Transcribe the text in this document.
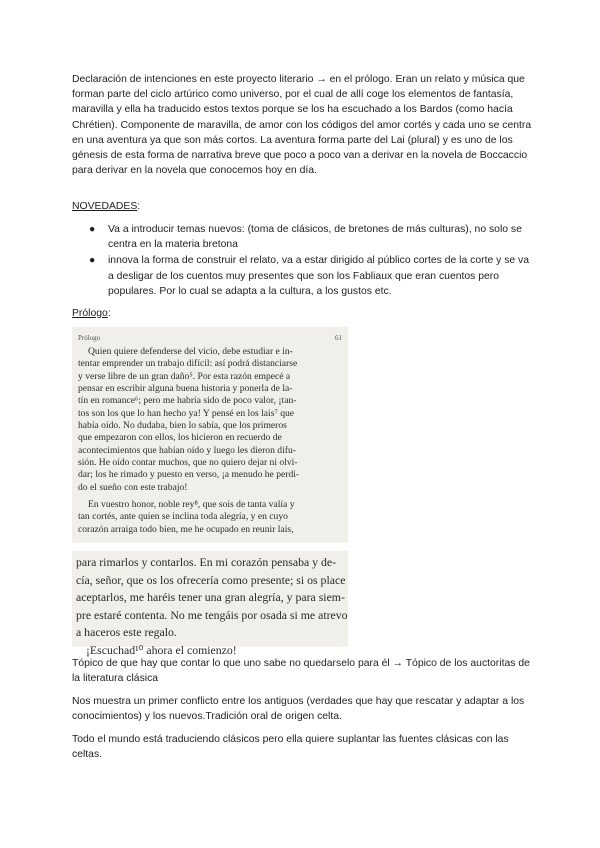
Declaración de intenciones en este proyecto literario → en el prólogo. Eran un relato y música que forman parte del ciclo artúrico como universo, por el cual de allí coge los elementos de fantasía, maravilla y ella ha traducido estos textos porque se los ha escuchado a los Bardos (como hacía Chrétien). Componente de maravilla, de amor con los códigos del amor cortés y cada uno se centra en una aventura ya que son más cortos. La aventura forma parte del Lai (plural) y es uno de los génesis de esta forma de narrativa breve que poco a poco van a derivar en la novela de Boccaccio para derivar en la novela que conocemos hoy en día.

NOVEDADES:

● Va a introducir temas nuevos: (toma de clásicos, de bretones de más culturas), no solo se centra en la materia bretona
● innova la forma de construir el relato, va a estar dirigido al público cortes de la corte y se va a desligar de los cuentos muy presentes que son los Fabliaux que eran cuentos pero populares. Por lo cual se adapta a la cultura, a los gustos etc.

Prólogo:

Prólogo	61
Quien quiere defenderse del vicio, debe estudiar e in-
tentar emprender un trabajo difícil: así podrá distanciarse
y verse libre de un gran daño⁵. Por esta razón empecé a
pensar en escribir alguna buena historia y ponerla de la-
tín en romance⁶; pero me habría sido de poco valor, ¡tan-
tos son los que lo han hecho ya! Y pensé en los lais⁷ que
había oído. No dudaba, bien lo sabía, que los primeros
que empezaron con ellos, los hicieron en recuerdo de
acontecimientos que habían oído y luego les dieron difu-
sión. He oído contar muchos, que no quiero dejar ni olvi-
dar; los he rimado y puesto en verso, ¡a menudo he perdi-
do el sueño con este trabajo!
En vuestro honor, noble rey⁸, que sois de tanta valía y
tan cortés, ante quien se inclina toda alegría, y en cuyo
corazón arraiga todo bien, me he ocupado en reunir lais,
para rimarlos y contarlos. En mi corazón pensaba y de-
cía, señor, que os los ofrecería como presente; si os place
aceptarlos, me haréis tener una gran alegría, y para siem-
pre estaré contenta. No me tengáis por osada si me atrevo
a haceros este regalo.
¡Escuchad¹⁰ ahora el comienzo!

Tópico de que hay que contar lo que uno sabe no quedarselo para él → Tópico de los auctoritas de la literatura clásica

Nos muestra un primer conflicto entre los antiguos (verdades que hay que rescatar y adaptar a los conocimientos) y los nuevos.Tradición oral de origen celta.

Todo el mundo está traduciendo clásicos pero ella quiere suplantar las fuentes clásicas con las celtas.
